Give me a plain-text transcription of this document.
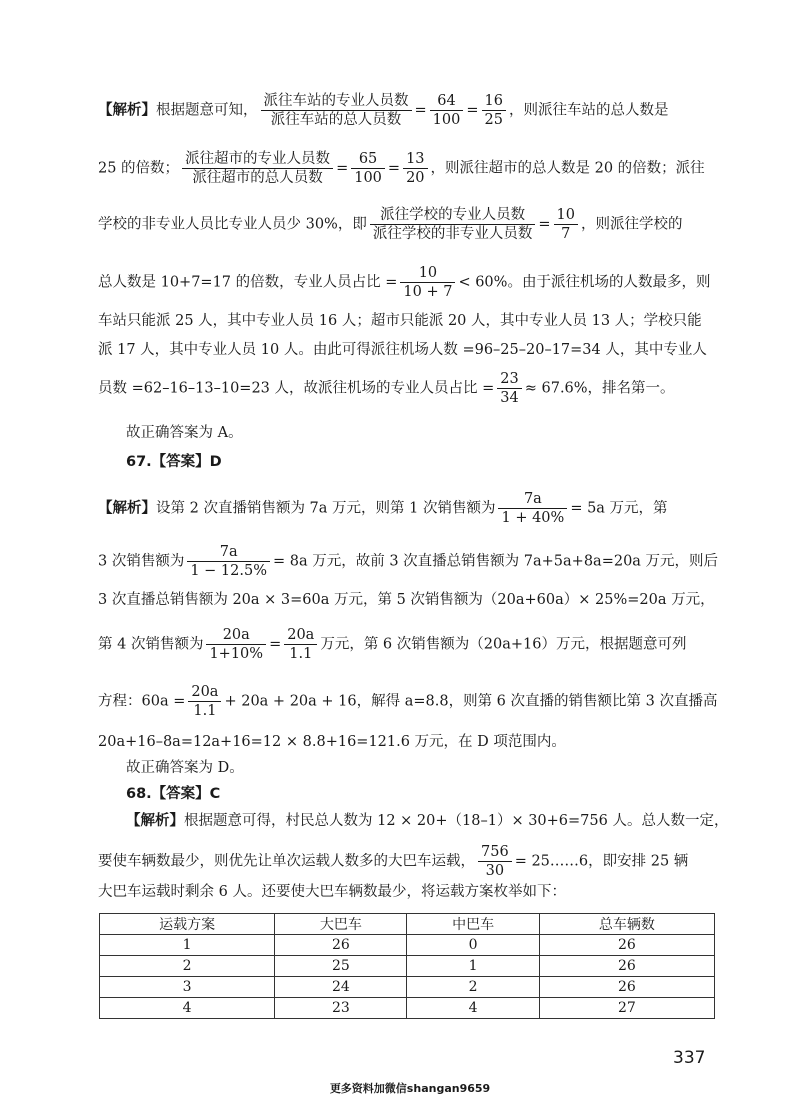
【解析】根据题意可知， $\frac{\text{派往车站的专业人员数}}{\text{派往车站的总人员数}} = \frac{64}{100} = \frac{16}{25}$ ，则派往车站的总人数是
25 的倍数； $\frac{\text{派往超市的专业人员数}}{\text{派往超市的总人员数}} = \frac{65}{100} = \frac{13}{20}$ ，则派往超市的总人数是 20 的倍数；派往
学校的非专业人员比专业人员少 30%，即 $\frac{\text{派往学校的专业人员数}}{\text{派往学校的非专业人员数}} = \frac{10}{7}$ ，则派往学校的
总人数是 10+7=17 的倍数，专业人员占比 = $\frac{10}{10 + 7} < 60\%$。由于派往机场的人数最多，则
车站只能派 25 人，其中专业人员 16 人；超市只能派 20 人，其中专业人员 13 人；学校只能
派 17 人，其中专业人员 10 人。由此可得派往机场人数 =96–25–20–17=34 人，其中专业人
员数 =62–16–13–10=23 人，故派往机场的专业人员占比 = $\frac{23}{34} \approx 67.6\%$，排名第一。
故正确答案为 A。
67.【答案】D
【解析】设第 2 次直播销售额为 7a 万元，则第 1 次销售额为 $\frac{7a}{1 + 40\%} = 5a$ 万元，第
3 次销售额为 $\frac{7a}{1 - 12.5\%} = 8a$ 万元，故前 3 次直播总销售额为 7a+5a+8a=20a 万元，则后
3 次直播总销售额为 20a × 3=60a 万元，第 5 次销售额为（20a+60a）× 25%=20a 万元，
第 4 次销售额为 $\frac{20a}{1+10\%} = \frac{20a}{1.1}$ 万元，第 6 次销售额为（20a+16）万元，根据题意可列
方程：$60a = \frac{20a}{1.1} + 20a + 20a + 16$，解得 a=8.8，则第 6 次直播的销售额比第 3 次直播高
20a+16–8a=12a+16=12 × 8.8+16=121.6 万元，在 D 项范围内。
故正确答案为 D。
68.【答案】C
【解析】根据题意可得，村民总人数为 12 × 20+（18–1）× 30+6=756 人。总人数一定，
要使车辆数最少，则优先让单次运载人数多的大巴车运载， $\frac{756}{30}$ = 25……6，即安排 25 辆
大巴车运载时剩余 6 人。还要使大巴车辆数最少，将运载方案枚举如下：
运载方案	大巴车	中巴车	总车辆数
1	26	0	26
2	25	1	26
3	24	2	26
4	23	4	27
337
更多资料加微信shangan9659
